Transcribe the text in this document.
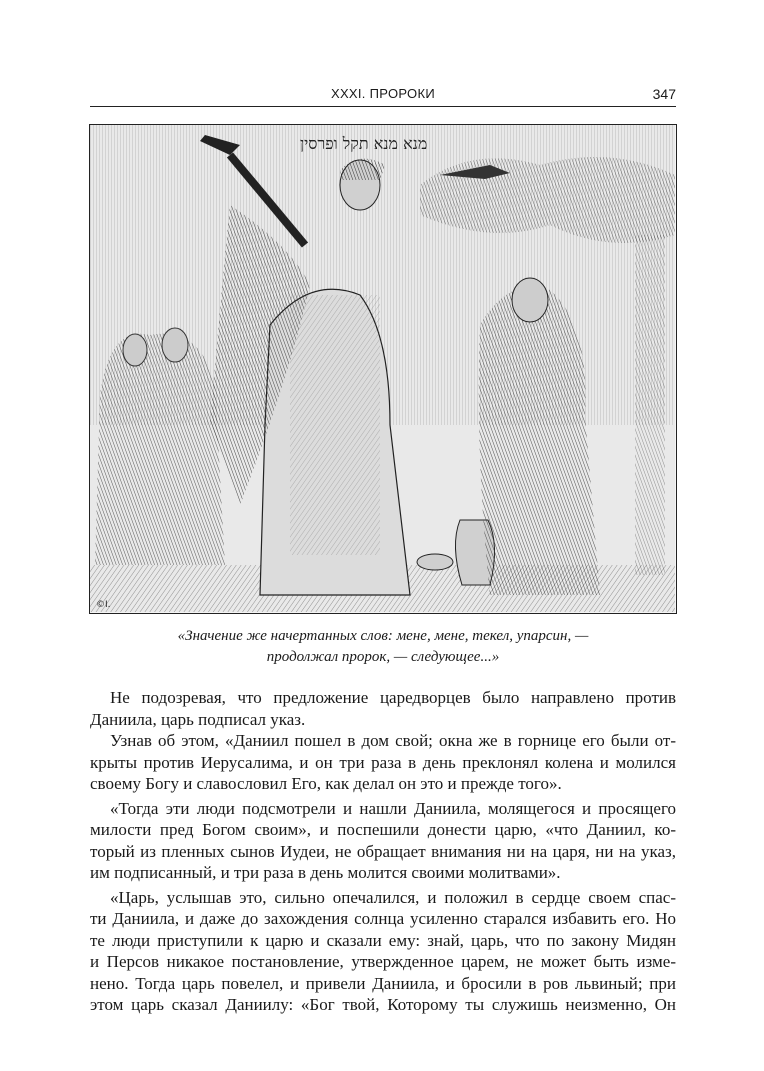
XXXI. ПРОРОКИ	347
מנא מנא תקל ופרסין
©I.
«Значение же начертанных слов: мене, мене, текел, упарсин, —
продолжал пророк, — следующее...»
Не подозревая, что предложение царедворцев было направлено против
Даниила, царь подписал указ.
Узнав об этом, «Даниил пошел в дом свой; окна же в горнице его были от-
крыты против Иерусалима, и он три раза в день преклонял колена и молился
своему Богу и славословил Его, как делал он это и прежде того».
«Тогда эти люди подсмотрели и нашли Даниила, молящегося и просящего
милости пред Богом своим», и поспешили донести царю, «что Даниил, ко-
торый из пленных сынов Иудеи, не обращает внимания ни на царя, ни на указ,
им подписанный, и три раза в день молится своими молитвами».
«Царь, услышав это, сильно опечалился, и положил в сердце своем спас-
ти Даниила, и даже до захождения солнца усиленно старался избавить его. Но
те люди приступили к царю и сказали ему: знай, царь, что по закону Мидян
и Персов никакое постановление, утвержденное царем, не может быть изме-
нено. Тогда царь повелел, и привели Даниила, и бросили в ров львиный; при
этом царь сказал Даниилу: «Бог твой, Которому ты служишь неизменно, Он
